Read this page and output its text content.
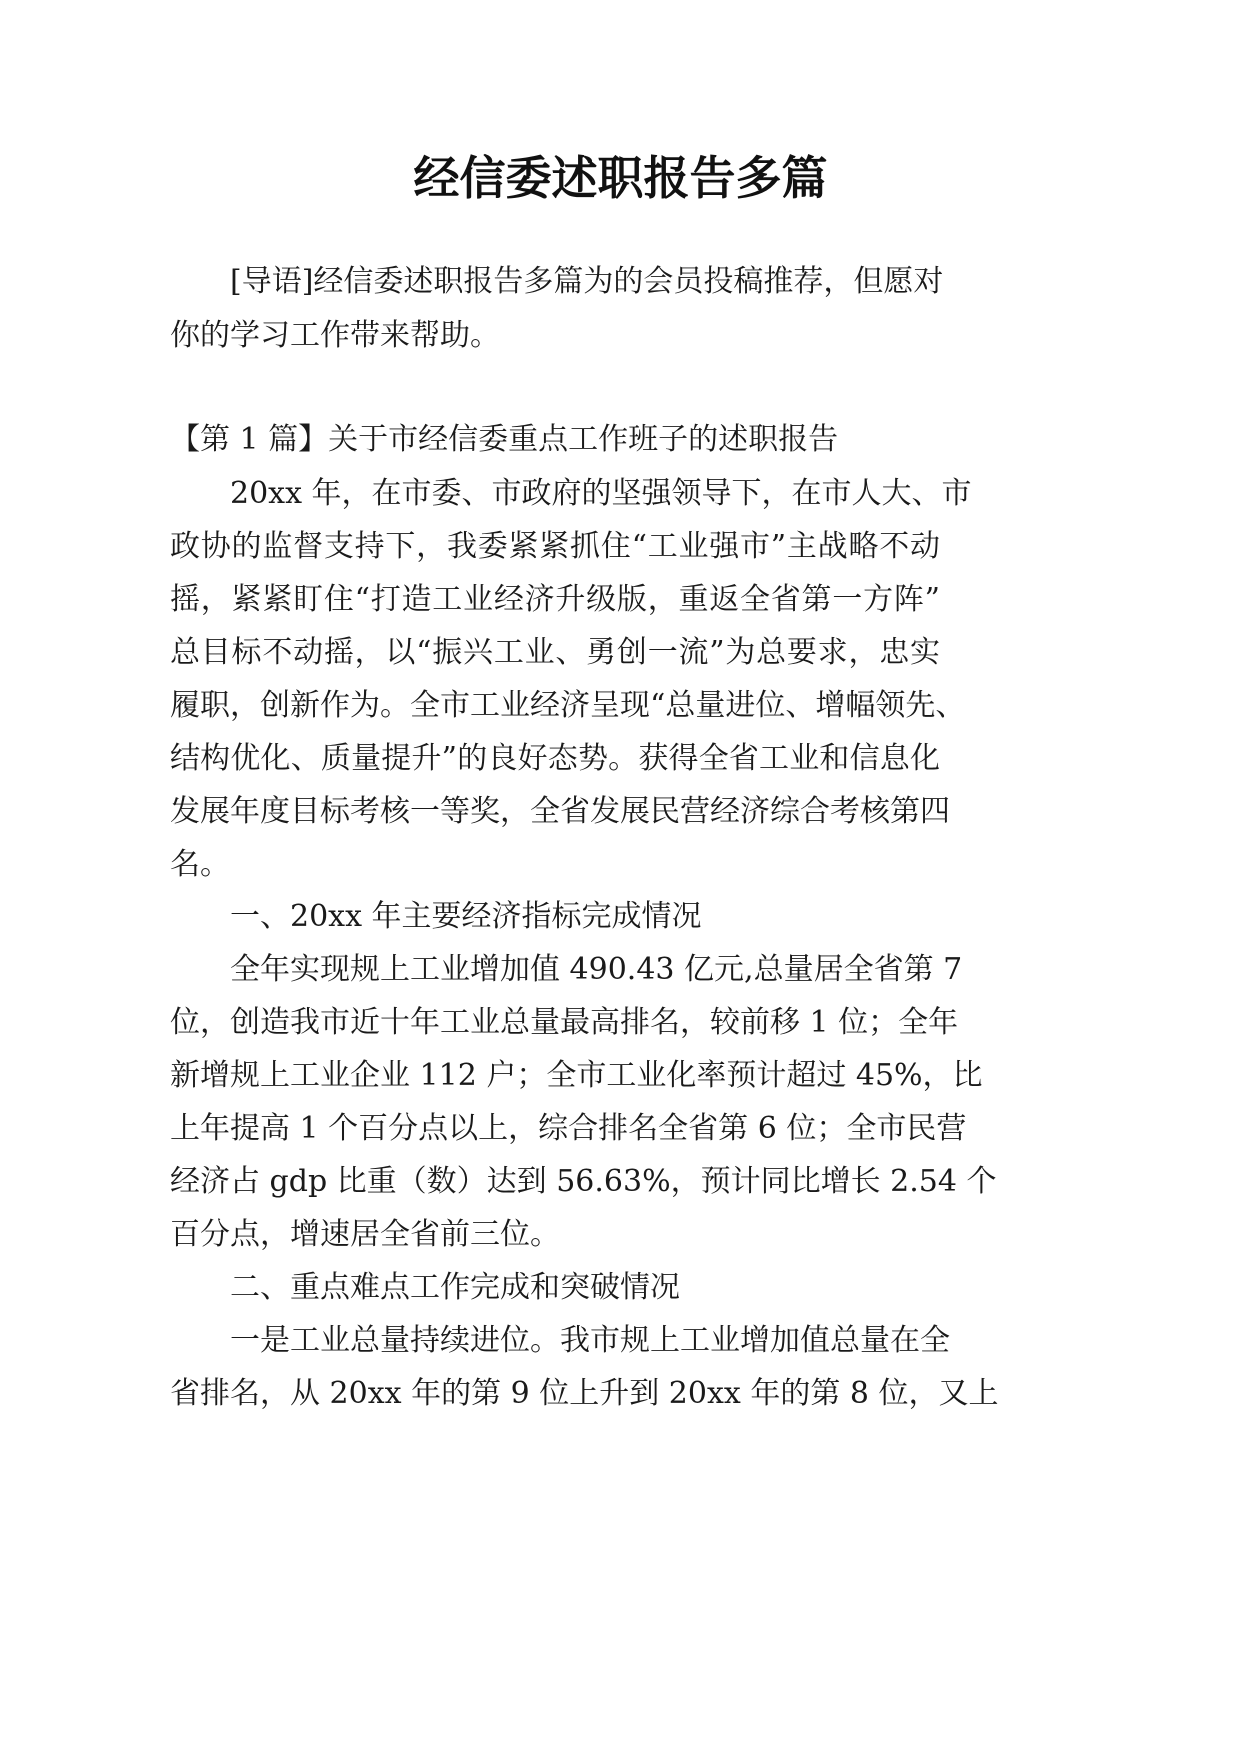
经信委述职报告多篇
[导语]经信委述职报告多篇为的会员投稿推荐，但愿对
你的学习工作带来帮助。
【第 1 篇】关于市经信委重点工作班子的述职报告
20xx 年，在市委、市政府的坚强领导下，在市人大、市
政协的监督支持下，我委紧紧抓住“工业强市”主战略不动
摇，紧紧盯住“打造工业经济升级版，重返全省第一方阵”
总目标不动摇，以“振兴工业、勇创一流”为总要求，忠实
履职，创新作为。全市工业经济呈现“总量进位、增幅领先、
结构优化、质量提升”的良好态势。获得全省工业和信息化
发展年度目标考核一等奖，全省发展民营经济综合考核第四
名。
一、20xx 年主要经济指标完成情况
全年实现规上工业增加值 490.43 亿元,总量居全省第 7
位，创造我市近十年工业总量最高排名，较前移 1 位；全年
新增规上工业企业 112 户；全市工业化率预计超过 45%，比
上年提高 1 个百分点以上，综合排名全省第 6 位；全市民营
经济占 gdp 比重（数）达到 56.63%，预计同比增长 2.54 个
百分点，增速居全省前三位。
二、重点难点工作完成和突破情况
一是工业总量持续进位。我市规上工业增加值总量在全
省排名，从 20xx 年的第 9 位上升到 20xx 年的第 8 位，又上
